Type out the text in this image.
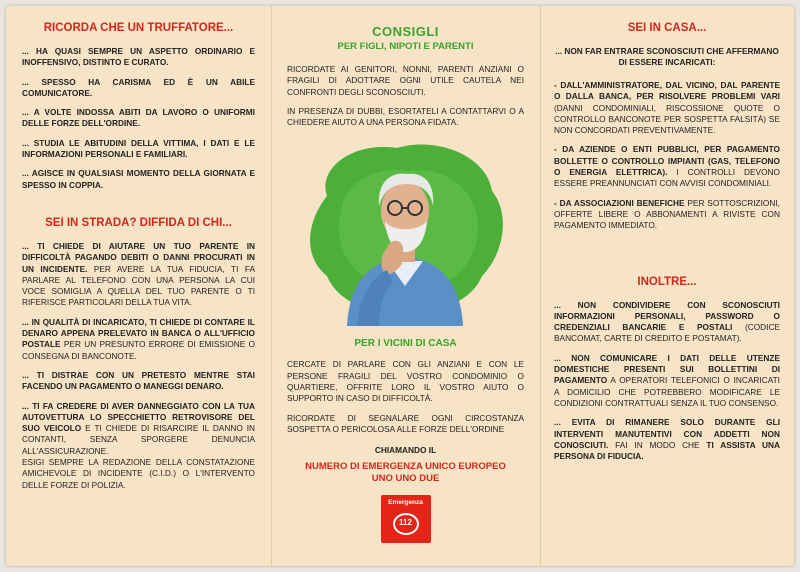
RICORDA CHE UN TRUFFATORE...

... HA QUASI SEMPRE UN ASPETTO ORDINARIO E INOFFENSIVO, DISTINTO E CURATO.

... SPESSO HA CARISMA ED È UN ABILE COMUNICATORE.

... A VOLTE INDOSSA ABITI DA LAVORO O UNIFORMI DELLE FORZE DELL'ORDINE.

... STUDIA LE ABITUDINI DELLA VITTIMA, I DATI E LE INFORMAZIONI PERSONALI E FAMILIARI.

... AGISCE IN QUALSIASI MOMENTO DELLA GIORNATA E SPESSO IN COPPIA.

SEI IN STRADA? DIFFIDA DI CHI...

... TI CHIEDE DI AIUTARE UN TUO PARENTE IN DIFFICOLTÀ PAGANDO DEBITI O DANNI PROCURATI IN UN INCIDENTE. PER AVERE LA TUA FIDUCIA, TI FA PARLARE AL TELEFONO CON UNA PERSONA LA CUI VOCE SOMIGLIA A QUELLA DEL TUO PARENTE O TI RIFERISCE PARTICOLARI DELLA TUA VITA.

... IN QUALITÀ DI INCARICATO, TI CHIEDE DI CONTARE IL DENARO APPENA PRELEVATO IN BANCA O ALL'UFFICIO POSTALE PER UN PRESUNTO ERRORE DI EMISSIONE O CONSEGNA DI BANCONOTE.

... TI DISTRAE CON UN PRETESTO MENTRE STAI FACENDO UN PAGAMENTO O MANEGGI DENARO.

... TI FA CREDERE DI AVER DANNEGGIATO CON LA TUA AUTOVETTURA LO SPECCHIETTO RETROVISORE DEL SUO VEICOLO E TI CHIEDE DI RISARCIRE IL DANNO IN CONTANTI, SENZA SPORGERE DENUNCIA ALL'ASSICURAZIONE.

ESIGI SEMPRE LA REDAZIONE DELLA CONSTATAZIONE AMICHEVOLE DI INCIDENTE (C.I.D.) O L'INTERVENTO DELLE FORZE DI POLIZIA.

CONSIGLI
PER FIGLI, NIPOTI E PARENTI

RICORDATE AI GENITORI, NONNI, PARENTI ANZIANI O FRAGILI DI ADOTTARE OGNI UTILE CAUTELA NEI CONFRONTI DEGLI SCONOSCIUTI.

IN PRESENZA DI DUBBI, ESORTATELI A CONTATTARVI O A CHIEDERE AIUTO A UNA PERSONA FIDATA.

PER I VICINI DI CASA

CERCATE DI PARLARE CON GLI ANZIANI E CON LE PERSONE FRAGILI DEL VOSTRO CONDOMINIO O QUARTIERE, OFFRITE LORO IL VOSTRO AIUTO O SUPPORTO IN CASO DI DIFFICOLTÀ.

RICORDATE DI SEGNALARE OGNI CIRCOSTANZA SOSPETTA O PERICOLOSA ALLE FORZE DELL'ORDINE

CHIAMANDO IL

NUMERO DI EMERGENZA UNICO EUROPEO

UNO UNO DUE

Emergenza
112
SEI IN CASA...
... NON FAR ENTRARE SCONOSCIUTI CHE AFFERMANO DI ESSERE INCARICATI:

- DALL'AMMINISTRATORE, DAL VICINO, DAL PARENTE O DALLA BANCA, PER RISOLVERE PROBLEMI VARI (DANNI CONDOMINIALI, RISCOSSIONE QUOTE O CONTROLLO BANCONOTE PER SOSPETTA FALSITÀ) SE NON CONCORDATI PREVENTIVAMENTE.

- DA AZIENDE O ENTI PUBBLICI, PER PAGAMENTO BOLLETTE O CONTROLLO IMPIANTI (GAS, TELEFONO O ENERGIA ELETTRICA). I CONTROLLI DEVONO ESSERE PREANNUNCIATI CON AVVISI CONDOMINIALI.

- DA ASSOCIAZIONI BENEFICHE PER SOTTOSCRIZIONI, OFFERTE LIBERE O ABBONAMENTI A RIVISTE CON PAGAMENTO IMMEDIATO.

INOLTRE...

... NON CONDIVIDERE CON SCONOSCIUTI INFORMAZIONI PERSONALI, PASSWORD O CREDENZIALI BANCARIE E POSTALI (CODICE BANCOMAT, CARTE DI CREDITO E POSTAMAT).

... NON COMUNICARE I DATI DELLE UTENZE DOMESTICHE PRESENTI SUI BOLLETTINI DI PAGAMENTO A OPERATORI TELEFONICI O INCARICATI A DOMICILIO CHE POTREBBERO MODIFICARE LE CONDIZIONI CONTRATTUALI SENZA IL TUO CONSENSO.

... EVITA DI RIMANERE SOLO DURANTE GLI INTERVENTI MANUTENTIVI CON ADDETTI NON CONOSCIUTI. FAI IN MODO CHE TI ASSISTA UNA PERSONA DI FIDUCIA.
